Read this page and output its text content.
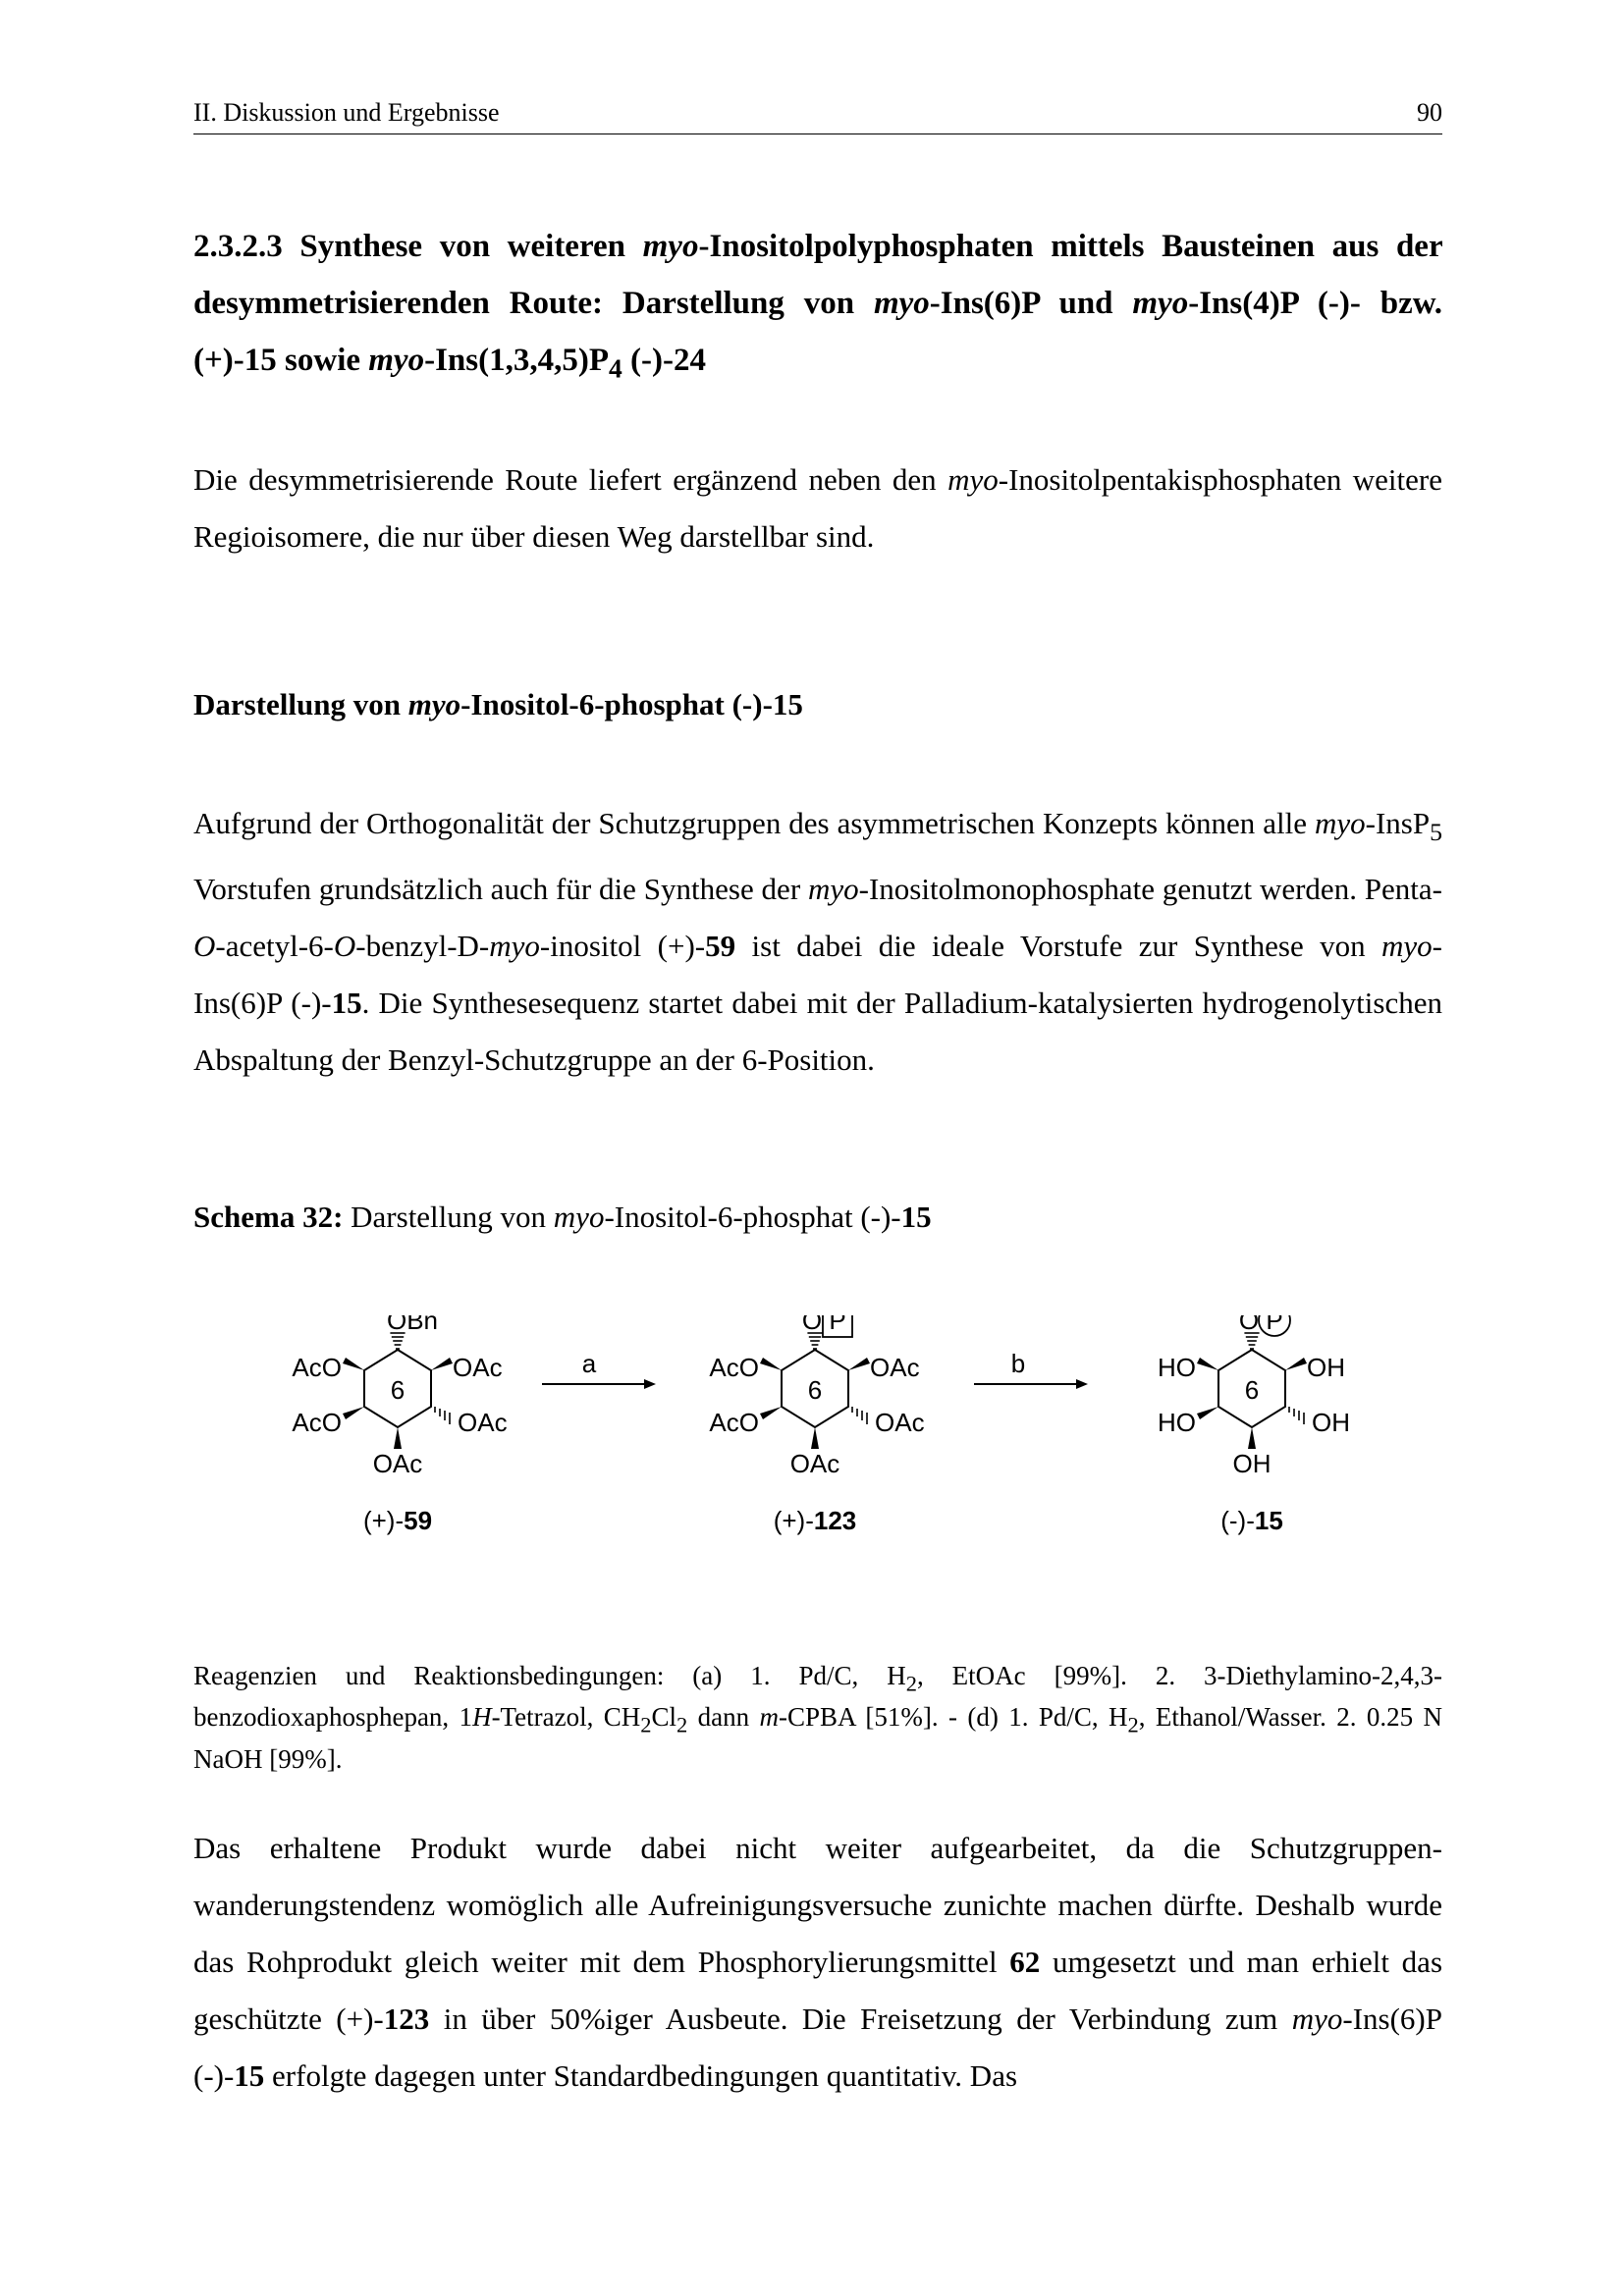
II. Diskussion und Ergebnisse	90
2.3.2.3 Synthese von weiteren myo-Inositolpolyphosphaten mittels Bausteinen aus der desymmetrisierenden Route: Darstellung von myo-Ins(6)P und myo-Ins(4)P (-)- bzw. (+)-15 sowie myo-$Ins(1,3,4,5)P_4$ (-)-24
Die desymmetrisierende Route liefert ergänzend neben den myo-Inositolpentakisphosphaten weitere Regioisomere, die nur über diesen Weg darstellbar sind.
Darstellung von myo-Inositol-6-phosphat (-)-15
Aufgrund der Orthogonalität der Schutzgruppen des asymmetrischen Konzepts können alle myo-InsP$_5$ Vorstufen grundsätzlich auch für die Synthese der myo-Inositolmonophosphate genutzt werden. Penta-O-acetyl-6-O-benzyl-D-myo-inositol (+)-59 ist dabei die ideale Vorstufe zur Synthese von myo-Ins(6)P (-)-15. Die Synthesesequenz startet dabei mit der Palladium-katalysierten hydrogenolytischen Abspaltung der Benzyl-Schutzgruppe an der 6-Position.
Schema 32: Darstellung von myo-Inositol-6-phosphat (-)-15
6
OBn
AcO	OAc
AcO	OAc
OAc
(+)-59
6
O
AcO	OAc
AcO	OAc
OAc
P
(+)-123
6
O
HO	OH
HO	OH
OH
P
(-)-15
a	b
Reagenzien und Reaktionsbedingungen: (a) 1. Pd/C, $H_2$, EtOAc [99%]. 2. 3-Diethylamino-2,4,3-benzodioxaphosphepan, 1H-Tetrazol, $CH_2Cl_2$ dann m-CPBA [51%]. - (d) 1. Pd/C, $H_2$, Ethanol/Wasser. 2. 0.25 N NaOH [99%].
Das erhaltene Produkt wurde dabei nicht weiter aufgearbeitet, da die Schutzgruppen-wanderungstendenz womöglich alle Aufreinigungsversuche zunichte machen dürfte. Deshalb wurde das Rohprodukt gleich weiter mit dem Phosphorylierungsmittel 62 umgesetzt und man erhielt das geschützte (+)-123 in über 50%iger Ausbeute. Die Freisetzung der Verbindung zum myo-Ins(6)P (-)-15 erfolgte dagegen unter Standardbedingungen quantitativ. Das
